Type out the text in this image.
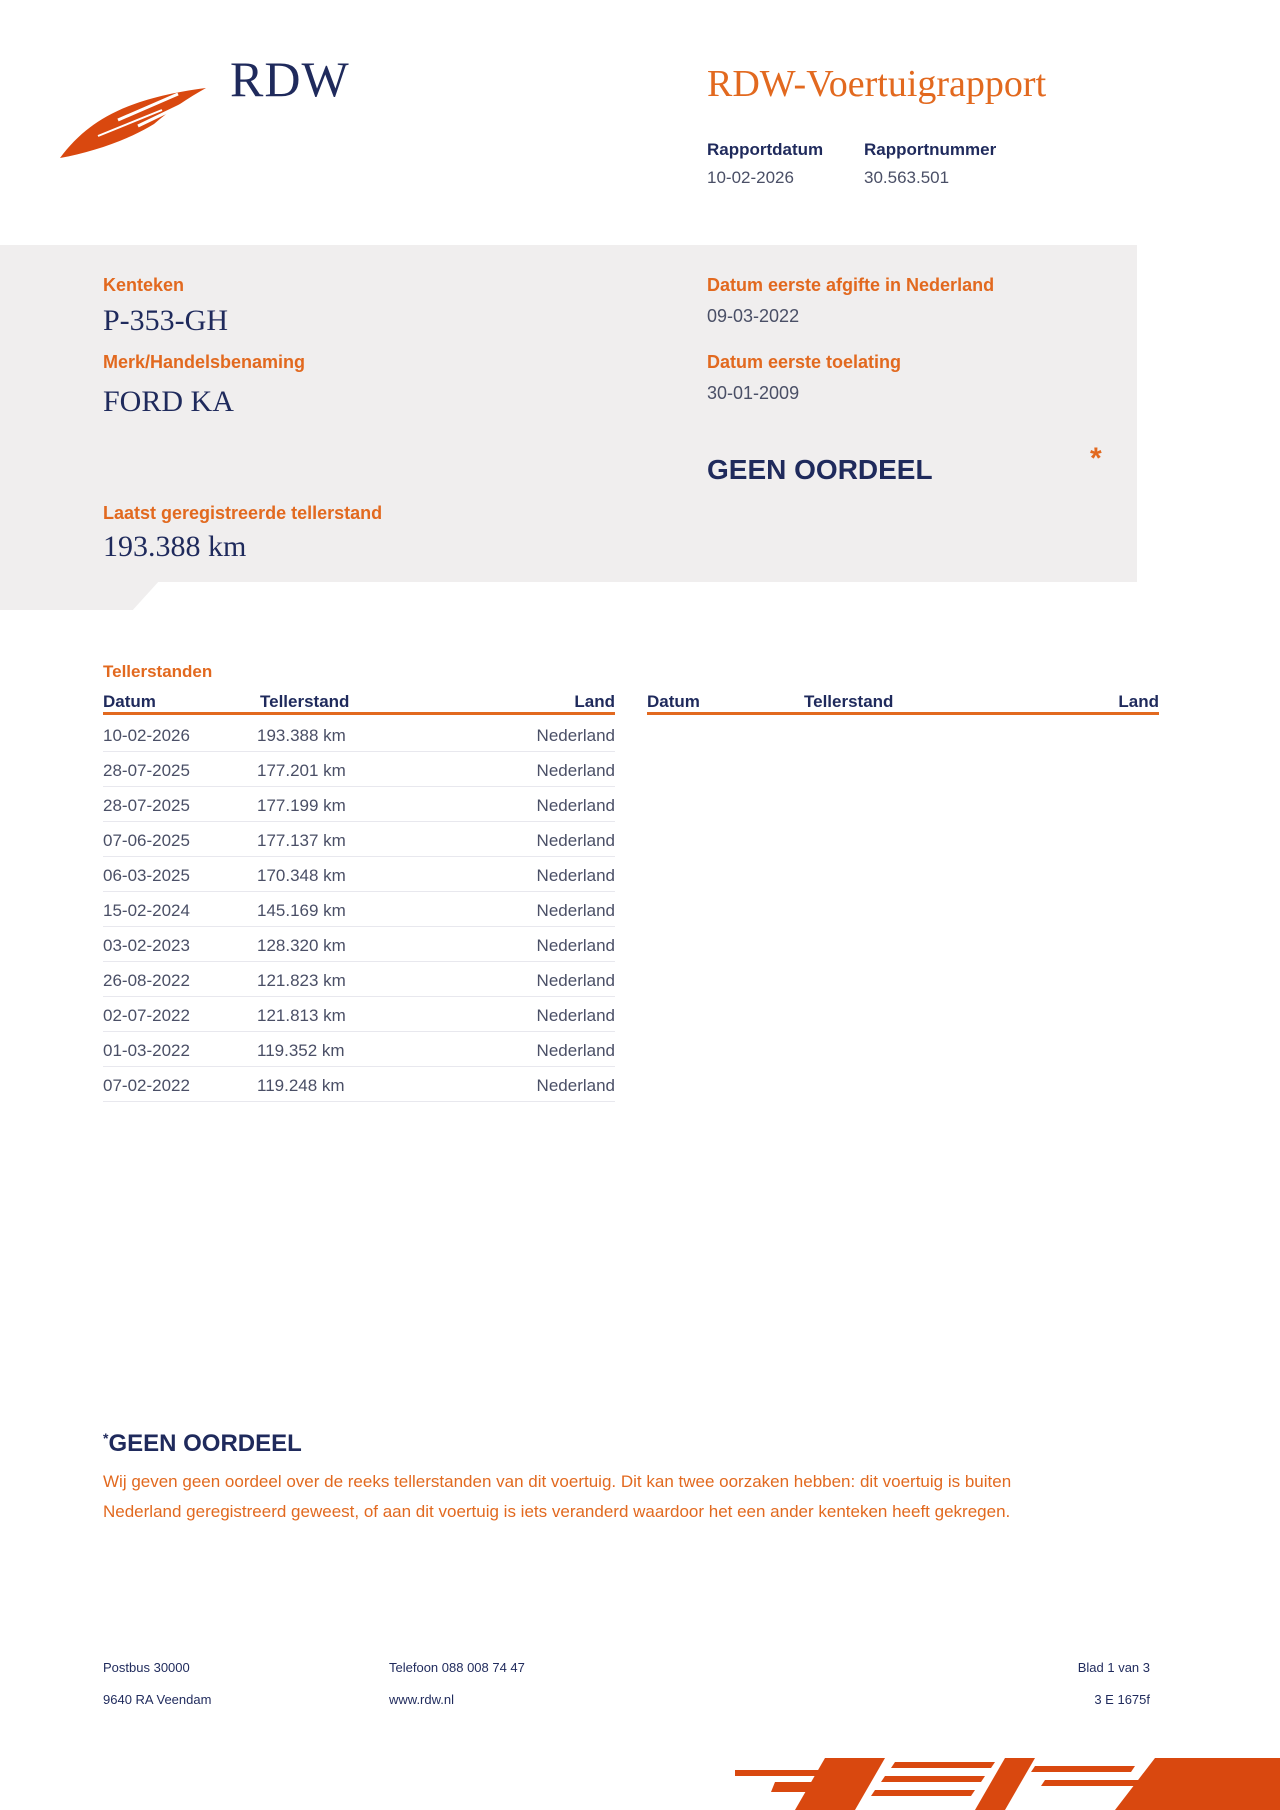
RDW	RDW-Voertuigrapport
Rapportdatum
10-02-2026
Rapportnummer
30.563.501
Kenteken
P-353-GH
Merk/Handelsbenaming
FORD KA
Laatst geregistreerde tellerstand
193.388 km
Datum eerste afgifte in Nederland
09-03-2022
Datum eerste toelating
30-01-2009
GEEN OORDEEL	*
Tellerstanden
Datum	Tellerstand	Land Datum	Tellerstand	Land
10-02-2026	193.388 km	Nederland
28-07-2025	177.201 km	Nederland
28-07-2025	177.199 km	Nederland
07-06-2025	177.137 km	Nederland
06-03-2025	170.348 km	Nederland
15-02-2024	145.169 km	Nederland
03-02-2023	128.320 km	Nederland
26-08-2022	121.823 km	Nederland
02-07-2022	121.813 km	Nederland
01-03-2022	119.352 km	Nederland
07-02-2022	119.248 km	Nederland
*GEEN OORDEEL
Wij geven geen oordeel over de reeks tellerstanden van dit voertuig. Dit kan twee oorzaken hebben: dit voertuig is buiten Nederland geregistreerd geweest, of aan dit voertuig is iets veranderd waardoor het een ander kenteken heeft gekregen.
Postbus 30000
9640 RA Veendam
Telefoon 088 008 74 47
www.rdw.nl
Blad 1 van 3
3 E 1675f
